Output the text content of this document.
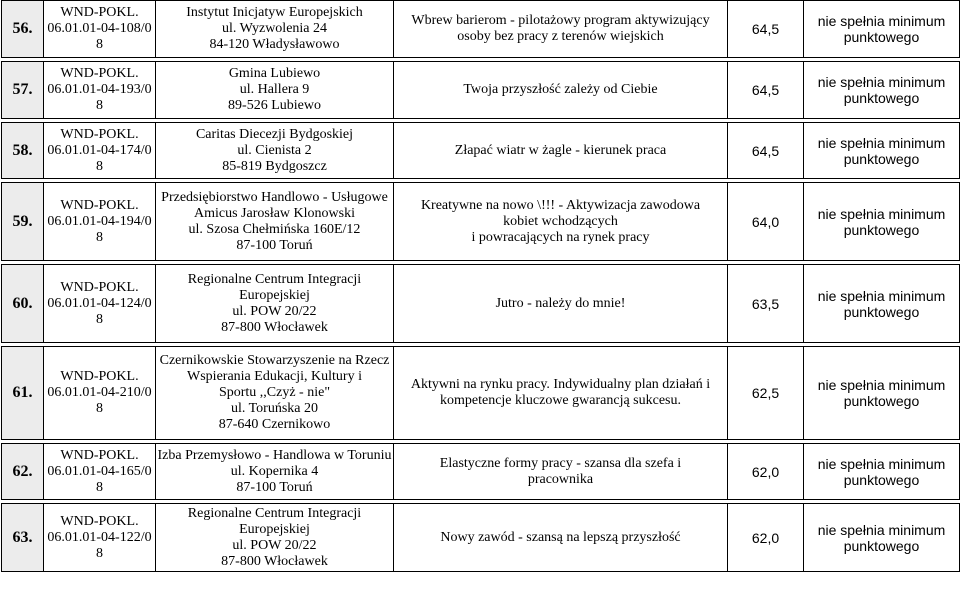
56.	WND-POKL.
06.01.01-04-108/0
8	Instytut Inicjatyw Europejskich
ul. Wyzwolenia 24
84-120 Władysławowo	Wbrew barierom - pilotażowy program aktywizujący
osoby bez pracy z terenów wiejskich	64,5	nie spełnia minimum
punktowego

57.	WND-POKL.
06.01.01-04-193/0
8	Gmina Lubiewo
ul. Hallera 9
89-526 Lubiewo	Twoja przyszłość zależy od Ciebie	64,5	nie spełnia minimum
punktowego

58.	WND-POKL.
06.01.01-04-174/0
8	Caritas Diecezji Bydgoskiej
ul. Cienista 2
85-819 Bydgoszcz	Złapać wiatr w żagle - kierunek praca	64,5	nie spełnia minimum
punktowego

59.	WND-POKL.
06.01.01-04-194/0
8	Przedsiębiorstwo Handlowo - Usługowe
Amicus Jarosław Klonowski
ul. Szosa Chełmińska 160E/12
87-100 Toruń	Kreatywne na nowo \!!! - Aktywizacja zawodowa
kobiet wchodzących
i powracających na rynek pracy	64,0	nie spełnia minimum
punktowego

60.	WND-POKL.
06.01.01-04-124/0
8	Regionalne Centrum Integracji
Europejskiej
ul. POW 20/22
87-800 Włocławek	Jutro - należy do mnie!	63,5	nie spełnia minimum
punktowego

61.	WND-POKL.
06.01.01-04-210/0
8	Czernikowskie Stowarzyszenie na Rzecz
Wspierania Edukacji, Kultury i
Sportu ,,Czyż - nie"
ul. Toruńska 20
87-640 Czernikowo	Aktywni na rynku pracy. Indywidualny plan działań i
kompetencje kluczowe gwarancją sukcesu.	62,5	nie spełnia minimum
punktowego

62.	WND-POKL.
06.01.01-04-165/0
8	Izba Przemysłowo - Handlowa w Toruniu
ul. Kopernika 4
87-100 Toruń	Elastyczne formy pracy - szansa dla szefa i
pracownika	62,0	nie spełnia minimum
punktowego

63.	WND-POKL.
06.01.01-04-122/0
8	Regionalne Centrum Integracji
Europejskiej
ul. POW 20/22
87-800 Włocławek	Nowy zawód - szansą na lepszą przyszłość	62,0	nie spełnia minimum
punktowego
